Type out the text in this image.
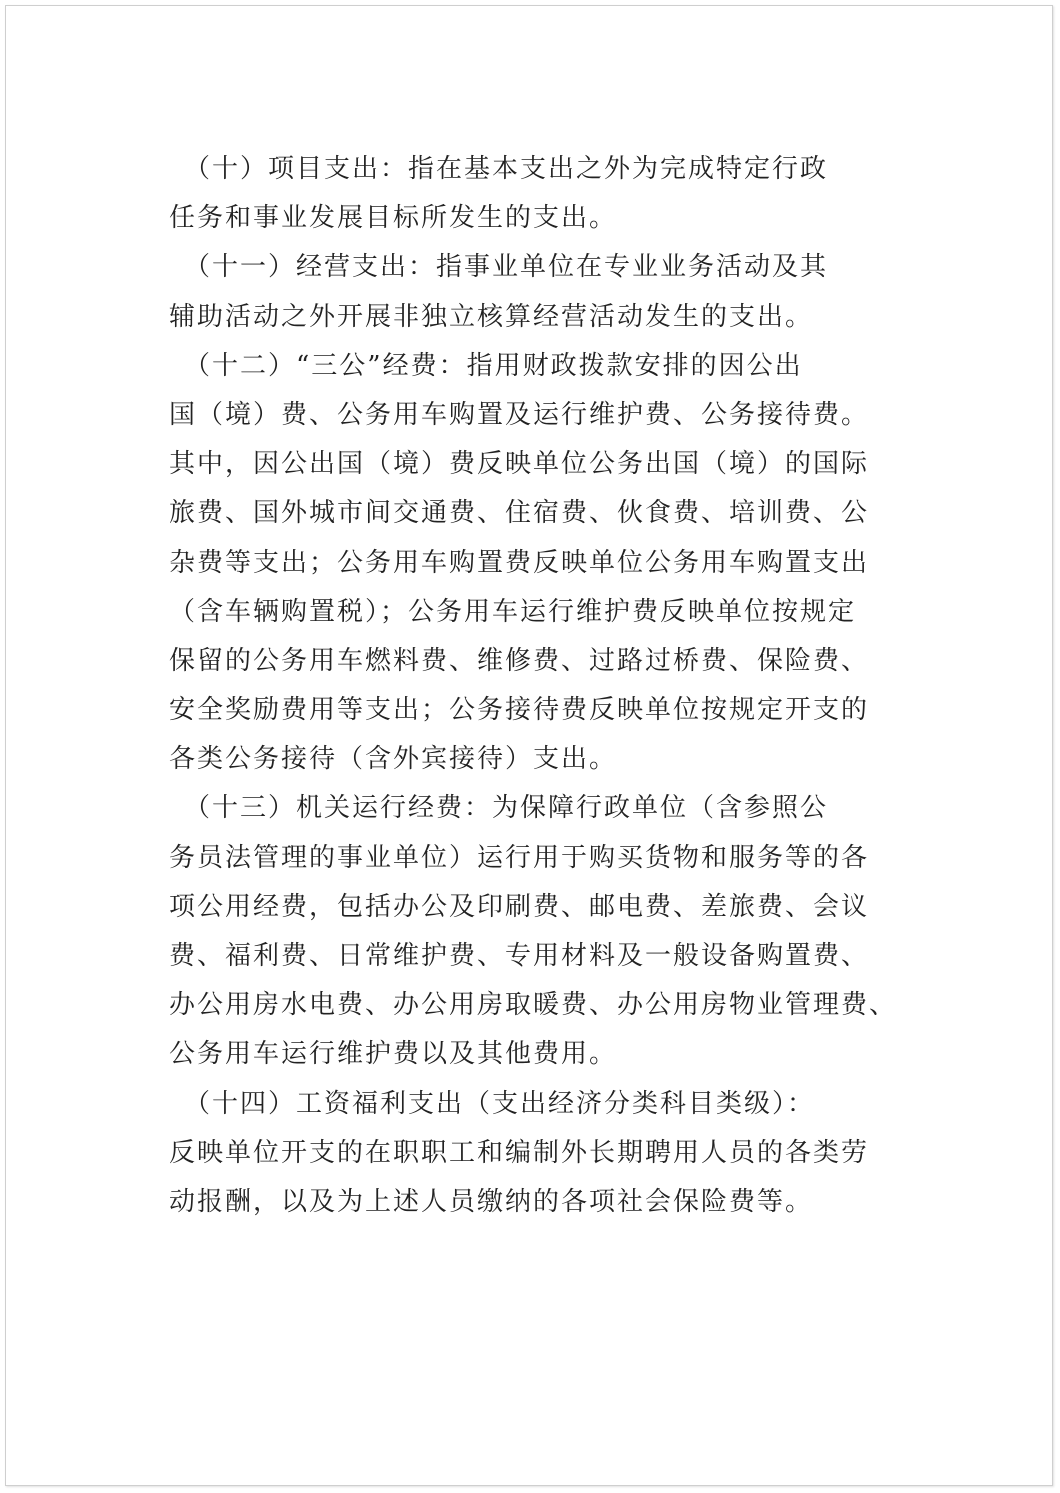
　（十）项目支出：指在基本支出之外为完成特定行政
任务和事业发展目标所发生的支出。
　（十一）经营支出：指事业单位在专业业务活动及其
辅助活动之外开展非独立核算经营活动发生的支出。
　（十二）“三公”经费：指用财政拨款安排的因公出
国（境）费、公务用车购置及运行维护费、公务接待费。
其中，因公出国（境）费反映单位公务出国（境）的国际
旅费、国外城市间交通费、住宿费、伙食费、培训费、公
杂费等支出；公务用车购置费反映单位公务用车购置支出
（含车辆购置税）；公务用车运行维护费反映单位按规定
保留的公务用车燃料费、维修费、过路过桥费、保险费、
安全奖励费用等支出；公务接待费反映单位按规定开支的
各类公务接待（含外宾接待）支出。
　（十三）机关运行经费：为保障行政单位（含参照公
务员法管理的事业单位）运行用于购买货物和服务等的各
项公用经费，包括办公及印刷费、邮电费、差旅费、会议
费、福利费、日常维护费、专用材料及一般设备购置费、
办公用房水电费、办公用房取暖费、办公用房物业管理费、
公务用车运行维护费以及其他费用。
　（十四）工资福利支出（支出经济分类科目类级）：
反映单位开支的在职职工和编制外长期聘用人员的各类劳
动报酬，以及为上述人员缴纳的各项社会保险费等。
